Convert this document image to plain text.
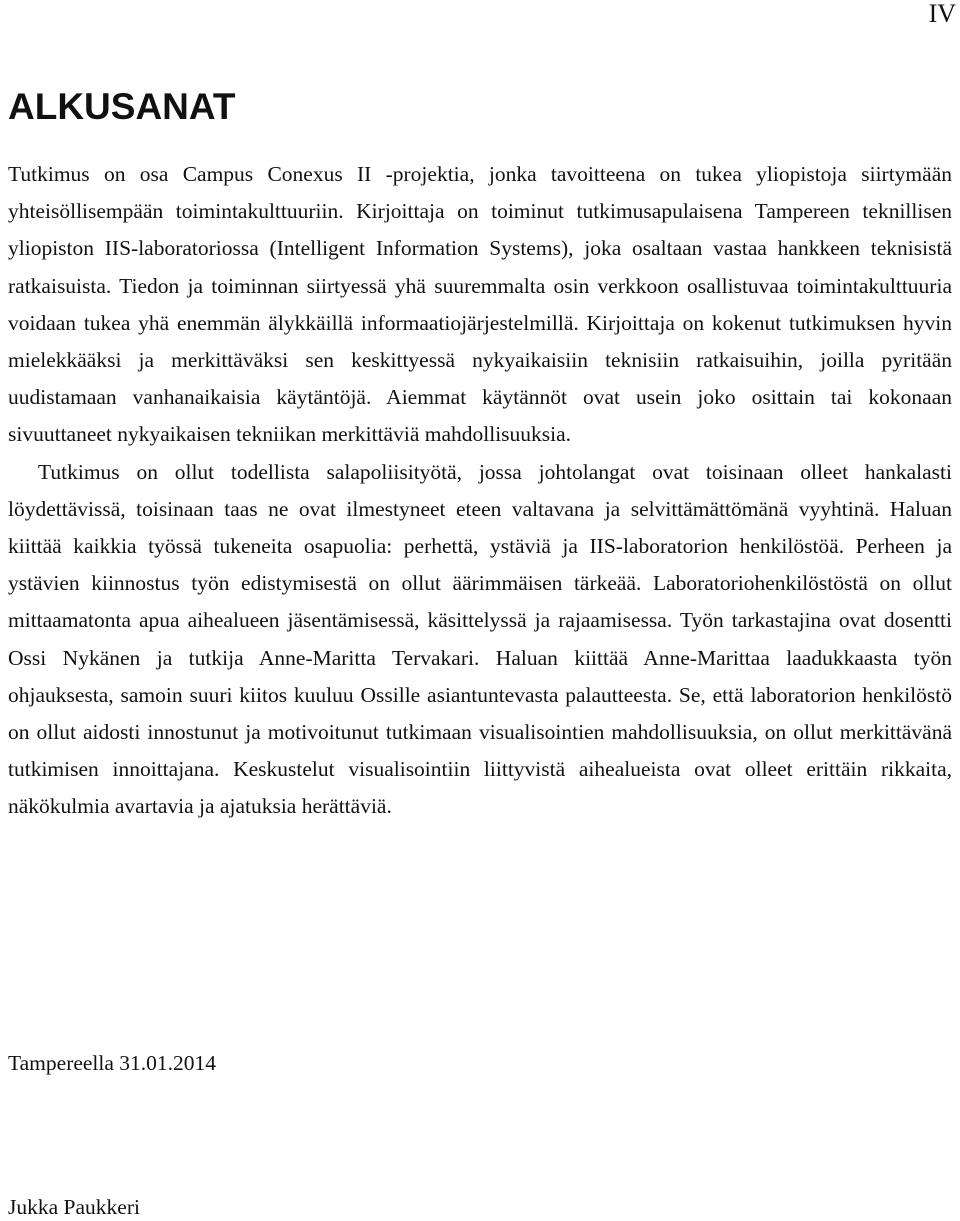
IV
ALKUSANAT

Tutkimus on osa Campus Conexus II -projektia, jonka tavoitteena on tukea yliopistoja siirtymään yhteisöllisempään toimintakulttuuriin. Kirjoittaja on toiminut tutkimusapulaisena Tampereen teknillisen yliopiston IIS-laboratoriossa (Intelligent Information Systems), joka osaltaan vastaa hankkeen teknisistä ratkaisuista. Tiedon ja toiminnan siirtyessä yhä suuremmalta osin verkkoon osallistuvaa toimintakulttuuria voidaan tukea yhä enemmän älykkäillä informaatiojärjestelmillä. Kirjoittaja on kokenut tutkimuksen hyvin mielekkääksi ja merkittäväksi sen keskittyessä nykyaikaisiin teknisiin ratkaisuihin, joilla pyritään uudistamaan vanhanaikaisia käytäntöjä. Aiemmat käytännöt ovat usein joko osittain tai kokonaan sivuuttaneet nykyaikaisen tekniikan merkittäviä mahdollisuuksia.

Tutkimus on ollut todellista salapoliisityötä, jossa johtolangat ovat toisinaan olleet hankalasti löydettävissä, toisinaan taas ne ovat ilmestyneet eteen valtavana ja selvittämättömänä vyyhtinä. Haluan kiittää kaikkia työssä tukeneita osapuolia: perhettä, ystäviä ja IIS-laboratorion henkilöstöä. Perheen ja ystävien kiinnostus työn edistymisestä on ollut äärimmäisen tärkeää. Laboratoriohenkilöstöstä on ollut mittaamatonta apua aihealueen jäsentämisessä, käsittelyssä ja rajaamisessa. Työn tarkastajina ovat dosentti Ossi Nykänen ja tutkija Anne-Maritta Tervakari. Haluan kiittää Anne-Marittaa laadukkaasta työn ohjauksesta, samoin suuri kiitos kuuluu Ossille asiantuntevasta palautteesta. Se, että laboratorion henkilöstö on ollut aidosti innostunut ja motivoitunut tutkimaan visualisointien mahdollisuuksia, on ollut merkittävänä tutkimisen innoittajana. Keskustelut visualisointiin liittyvistä aihealueista ovat olleet erittäin rikkaita, näkökulmia avartavia ja ajatuksia herättäviä.

Tampereella 31.01.2014

Jukka Paukkeri
